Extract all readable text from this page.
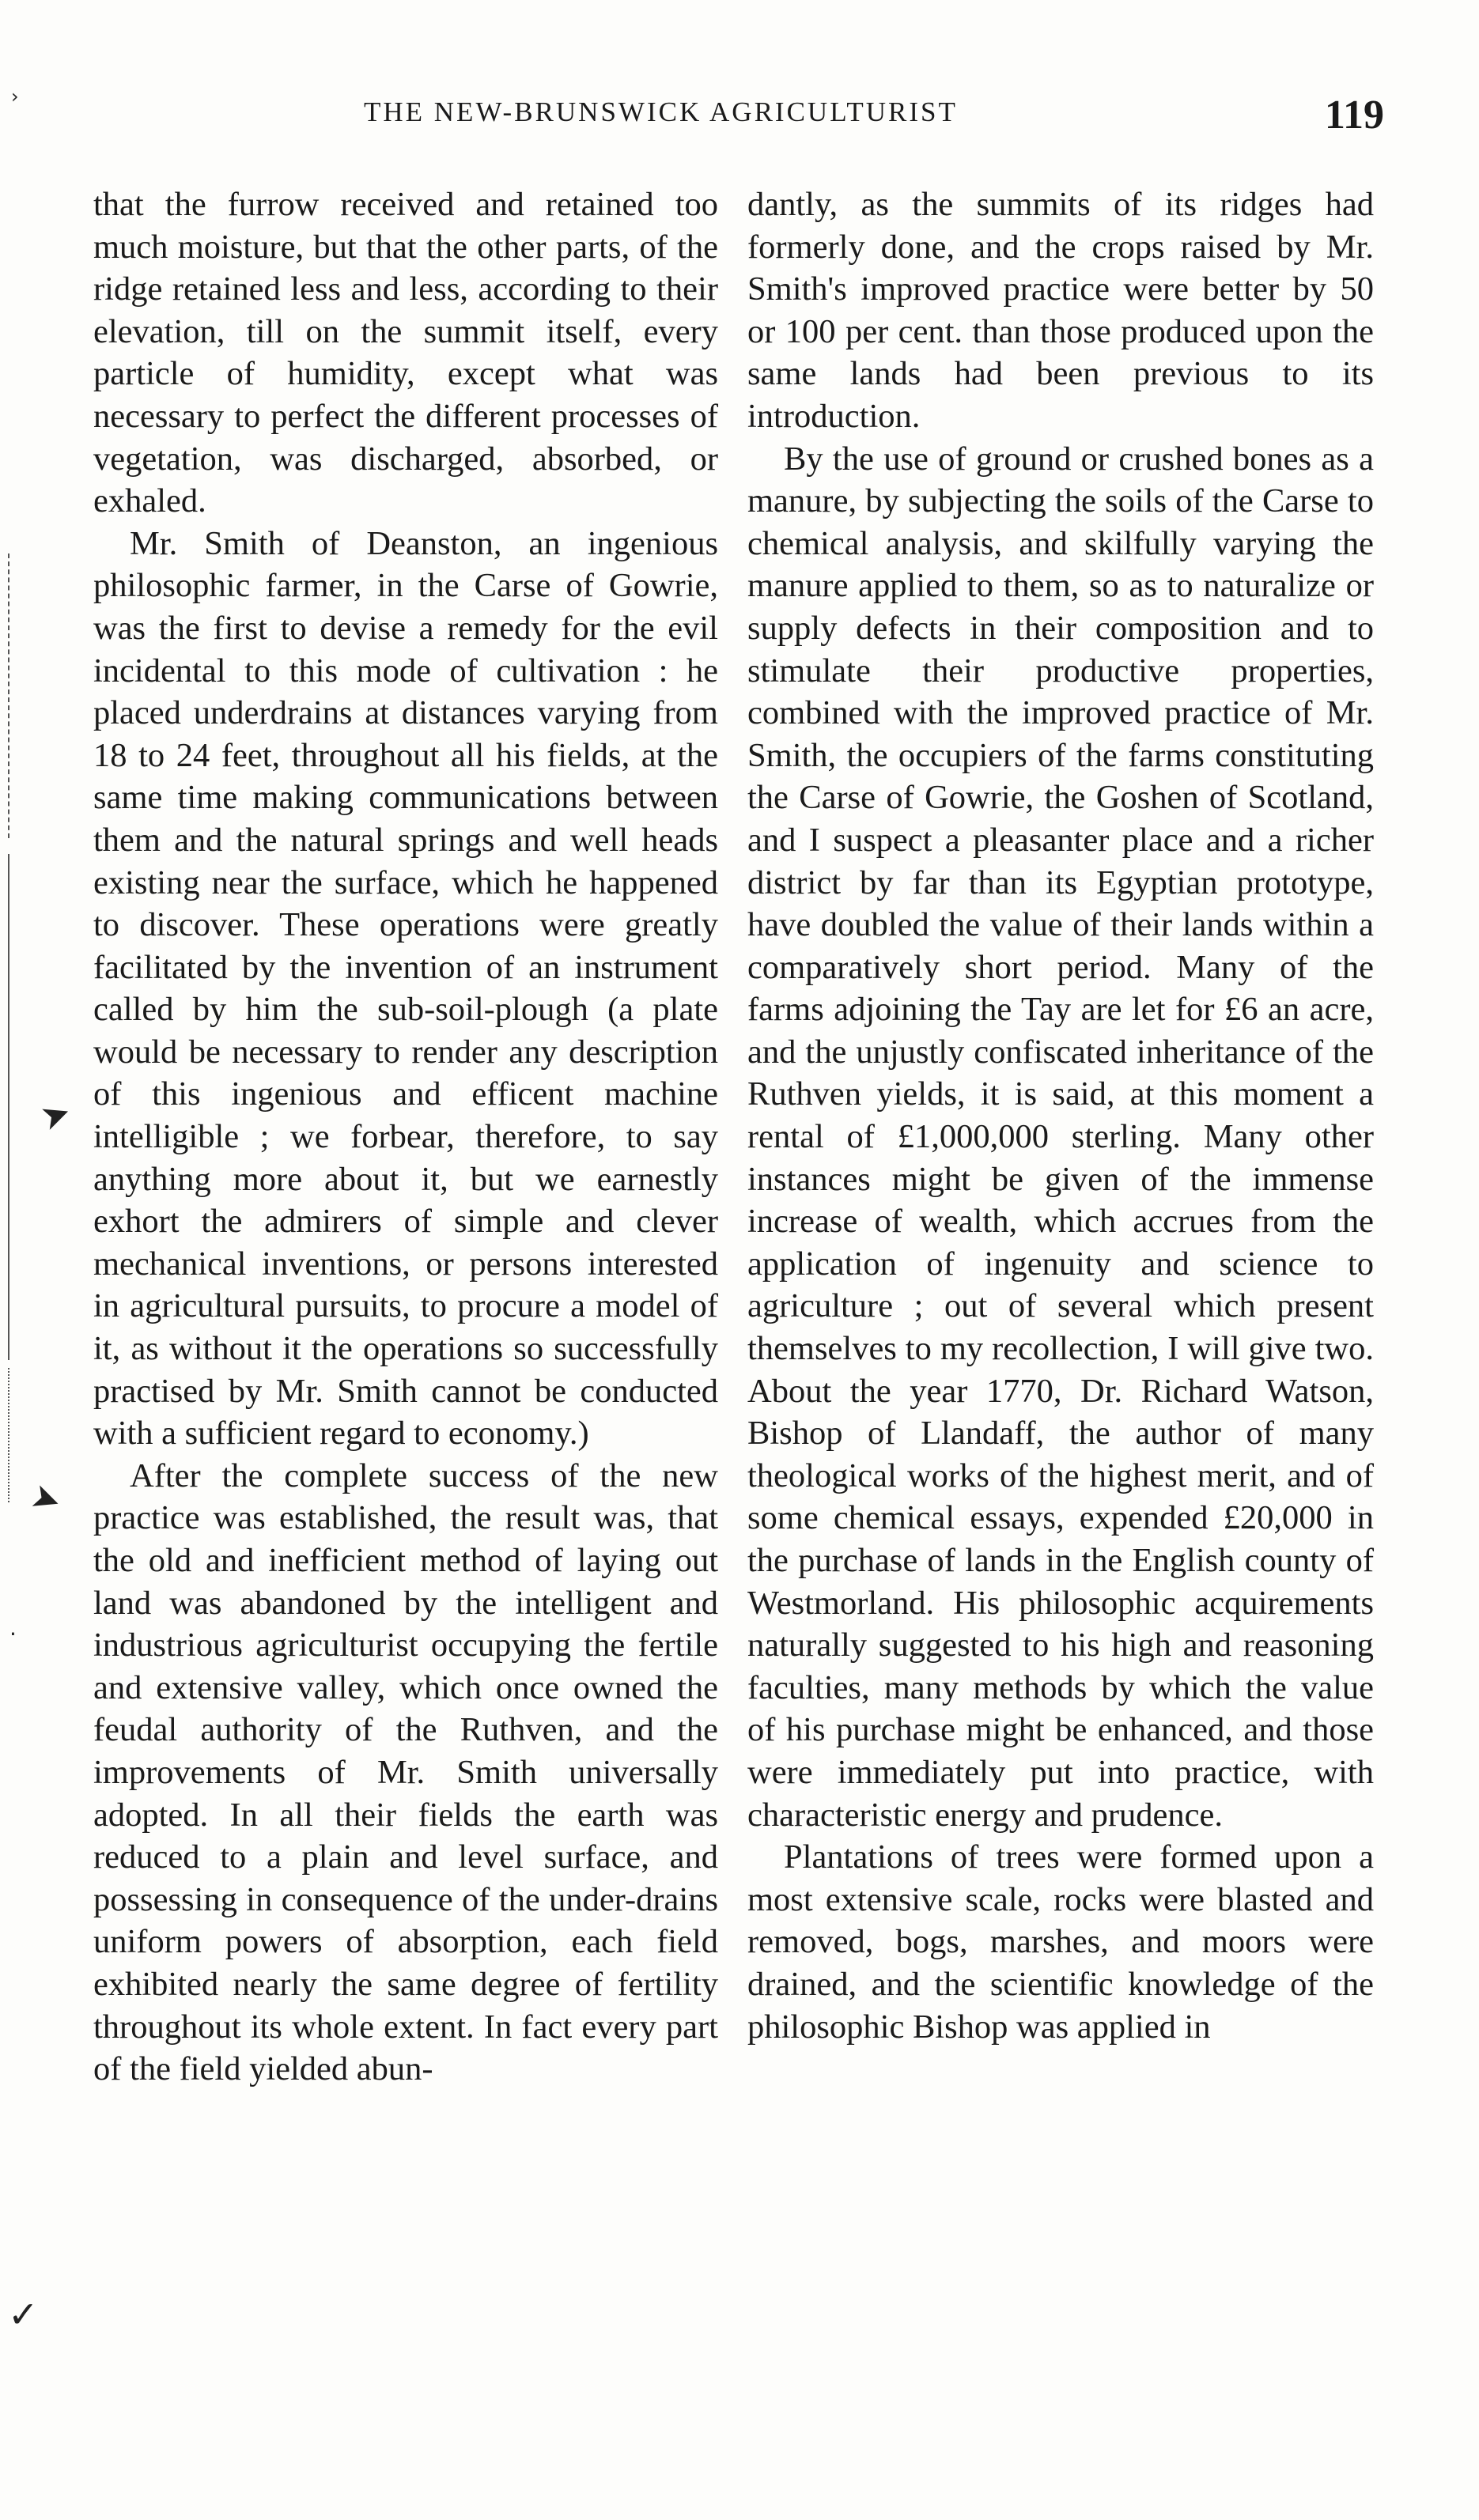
THE NEW-BRUNSWICK AGRICULTURIST	119

that the furrow received and retained too much moisture, but that the other parts, of the ridge retained less and less, according to their elevation, till on the summit itself, every particle of humidity, except what was necessary to perfect the different processes of vegetation, was discharged, absorbed, or exhaled.

Mr. Smith of Deanston, an ingenious philosophic farmer, in the Carse of Gowrie, was the first to devise a remedy for the evil incidental to this mode of cultivation : he placed underdrains at distances varying from 18 to 24 feet, throughout all his fields, at the same time making communications between them and the natural springs and well heads existing near the surface, which he happened to discover. These operations were greatly facilitated by the invention of an instrument called by him the sub-soil-plough (a plate would be necessary to render any description of this ingenious and efficent machine intelligible ; we forbear, therefore, to say anything more about it, but we earnestly exhort the admirers of simple and clever mechanical inventions, or persons interested in agricultural pursuits, to procure a model of it, as without it the operations so successfully practised by Mr. Smith cannot be conducted with a sufficient regard to economy.)

After the complete success of the new practice was established, the result was, that the old and inefficient method of laying out land was abandoned by the intelligent and industrious agriculturist occupying the fertile and extensive valley, which once owned the feudal authority of the Ruthven, and the improvements of Mr. Smith universally adopted. In all their fields the earth was reduced to a plain and level surface, and possessing in consequence of the under-drains uniform powers of absorption, each field exhibited nearly the same degree of fertility throughout its whole extent. In fact every part of the field yielded abun-

dantly, as the summits of its ridges had formerly done, and the crops raised by Mr. Smith's improved practice were better by 50 or 100 per cent. than those produced upon the same lands had been previous to its introduction.

By the use of ground or crushed bones as a manure, by subjecting the soils of the Carse to chemical analysis, and skilfully varying the manure applied to them, so as to naturalize or supply defects in their composition and to stimulate their productive properties, combined with the improved practice of Mr. Smith, the occupiers of the farms constituting the Carse of Gowrie, the Goshen of Scotland, and I suspect a pleasanter place and a richer district by far than its Egyptian prototype, have doubled the value of their lands within a comparatively short period. Many of the farms adjoining the Tay are let for £6 an acre, and the unjustly confiscated inheritance of the Ruthven yields, it is said, at this moment a rental of £1,000,000 sterling. Many other instances might be given of the immense increase of wealth, which accrues from the application of ingenuity and science to agriculture ; out of several which present themselves to my recollection, I will give two. About the year 1770, Dr. Richard Watson, Bishop of Llandaff, the author of many theological works of the highest merit, and of some chemical essays, expended £20,000 in the purchase of lands in the English county of Westmorland. His philosophic acquirements naturally suggested to his high and reasoning faculties, many methods by which the value of his purchase might be enhanced, and those were immediately put into practice, with characteristic energy and prudence.

Plantations of trees were formed upon a most extensive scale, rocks were blasted and removed, bogs, marshes, and moors were drained, and the scientific knowledge of the philosophic Bishop was applied in

›
➤
➤
·
✓
